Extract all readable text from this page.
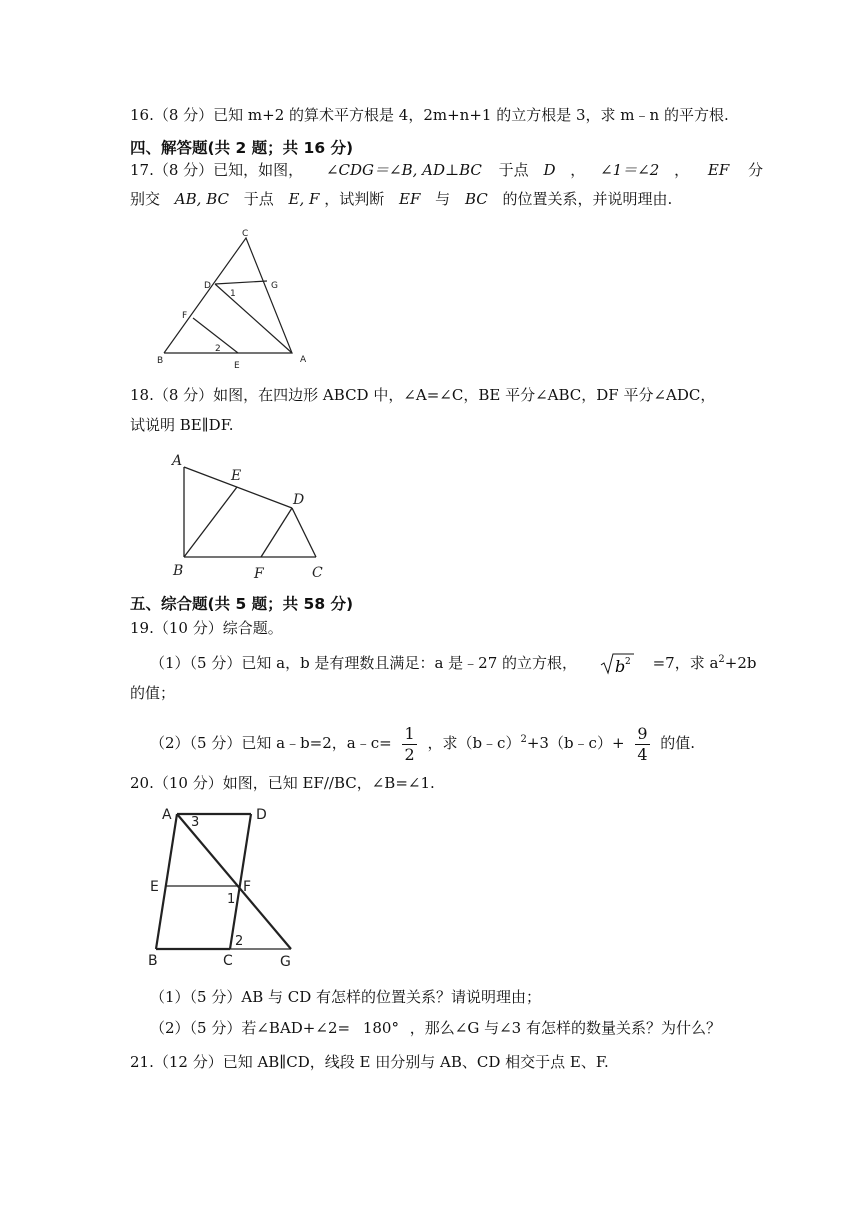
16.（8 分）已知 m+2 的算术平方根是 4，2m+n+1 的立方根是 3，求 m﹣n 的平方根.
四、解答题(共 2 题；共 16 分)
17.（8 分）已知，如图， ∠CDG＝∠B, AD⊥BC 于点 D ， ∠1＝∠2 ， EF 分
别交 AB, BC 于点 E, F ，试判断 EF 与 BC 的位置关系，并说明理由.
C
D	G
1
F
2
B	E
A
18.（8 分）如图，在四边形 ABCD 中，∠A=∠C，BE 平分∠ABC，DF 平分∠ADC，
试说明 BE∥DF.
A
E
D
B	F	C
五、综合题(共 5 题；共 58 分)
19.（10 分）综合题。
（1）（5 分）已知 a，b 是有理数且满足：a 是﹣27 的立方根， b 2 =7，求 $a^2+2b$
的值；
（2）（5 分）已知 a﹣b=2，a﹣c= $\frac{1}{2}$ ，求（b﹣c）$^2$+3（b﹣c）+ $\frac{9}{4}$ 的值.
20.（10 分）如图，已知 EF//BC，∠B=∠1.
A 3	D
E	F
1
2
B	C	G
（1）（5 分）AB 与 CD 有怎样的位置关系？请说明理由；
（2）（5 分）若∠BAD+∠2= 180° ，那么∠G 与∠3 有怎样的数量关系？为什么？
21.（12 分）已知 AB∥CD，线段 E 田分别与 AB、CD 相交于点 E、F.
